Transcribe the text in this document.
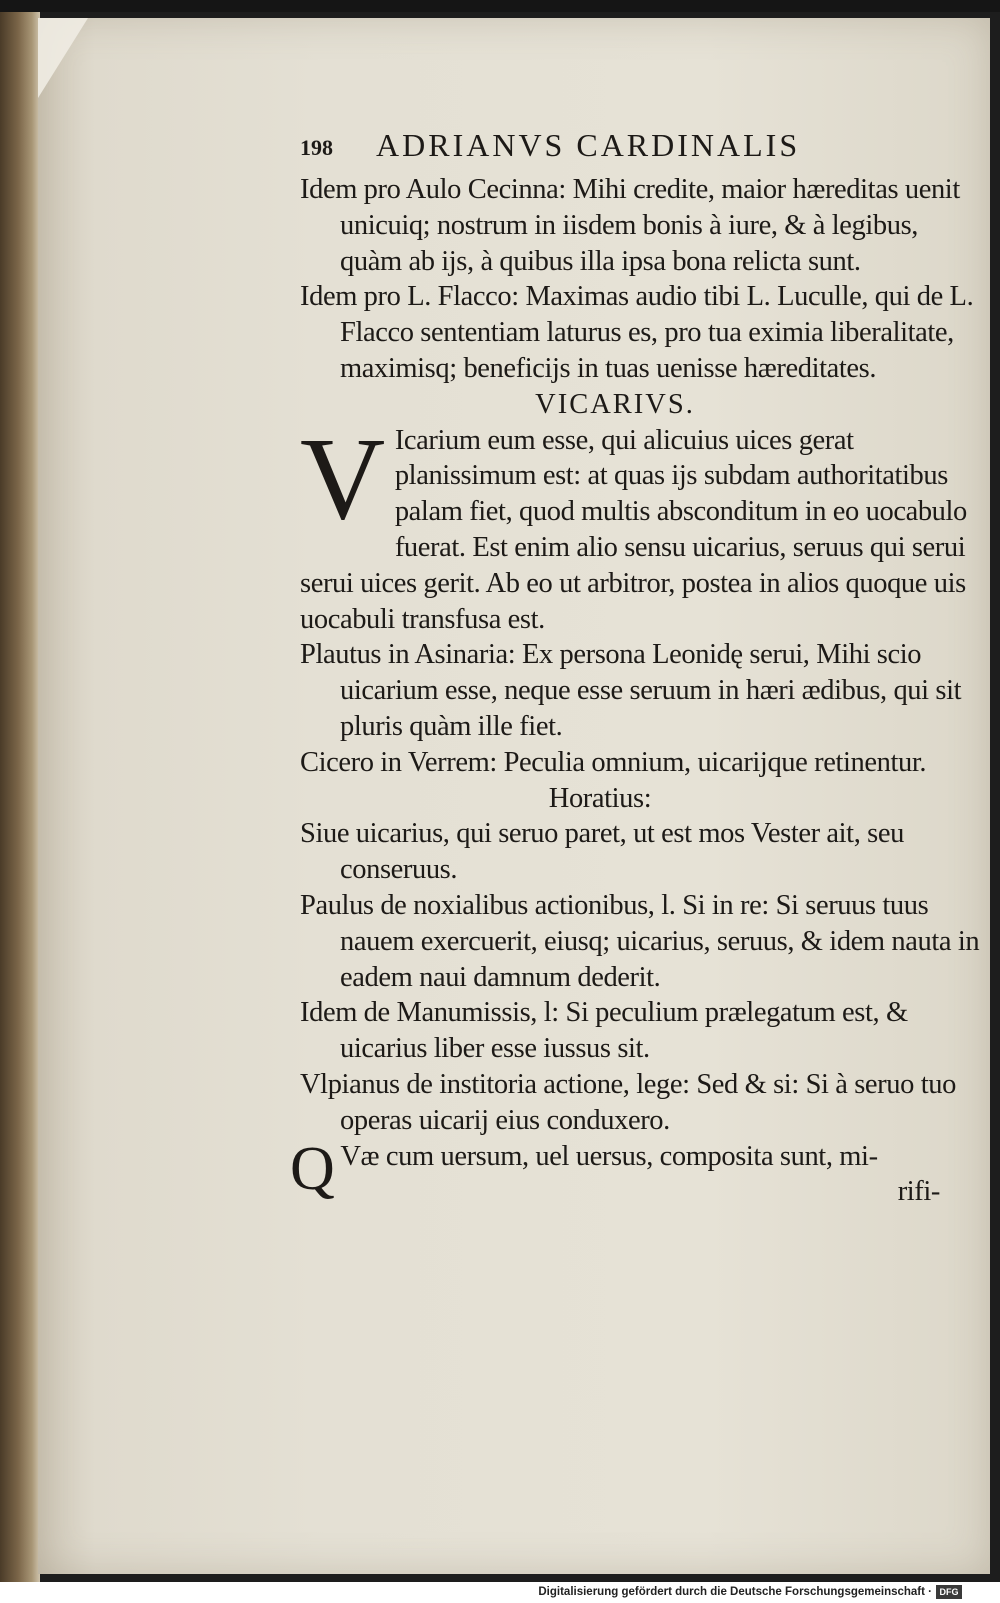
198 ADRIANVS CARDINALIS

Idem pro Aulo Cecinna: Mihi credite, maior hæreditas uenit unicuiq; nostrum in iisdem bonis à iure, & à legibus, quàm ab ijs, à quibus illa ipsa bona relicta sunt.

Idem pro L. Flacco: Maximas audio tibi L. Luculle, qui de L. Flacco sententiam laturus es, pro tua eximia liberalitate, maximisq; beneficijs in tuas uenisse hæreditates.

VICARIVS.

V Icarium eum esse, qui alicuius uices gerat planissimum est: at quas ijs subdam authoritatibus palam fiet, quod multis absconditum in eo uocabulo fuerat. Est enim alio sensu uicarius, seruus qui serui serui uices gerit. Ab eo ut arbitror, postea in alios quoque uis uocabuli transfusa est.

Plautus in Asinaria: Ex persona Leonidę serui, Mihi scio uicarium esse, neque esse seruum in hæri ædibus, qui sit pluris quàm ille fiet.

Cicero in Verrem: Peculia omnium, uicarijque retinentur.

Horatius:

Siue uicarius, qui seruo paret, ut est mos Vester ait, seu conseruus.

Paulus de noxialibus actionibus, l. Si in re: Si seruus tuus nauem exercuerit, eiusq; uicarius, seruus, & idem nauta in eadem naui damnum dederit.

Idem de Manumissis, l: Si peculium prælegatum est, & uicarius liber esse iussus sit.

Vlpianus de institoria actione, lege: Sed & si: Si à seruo tuo operas uicarij eius conduxero.

Q Væ cum uersum, uel uersus, composita sunt, mi-

rifi-

Digitalisierung gefördert durch die Deutsche Forschungsgemeinschaft · DFG
